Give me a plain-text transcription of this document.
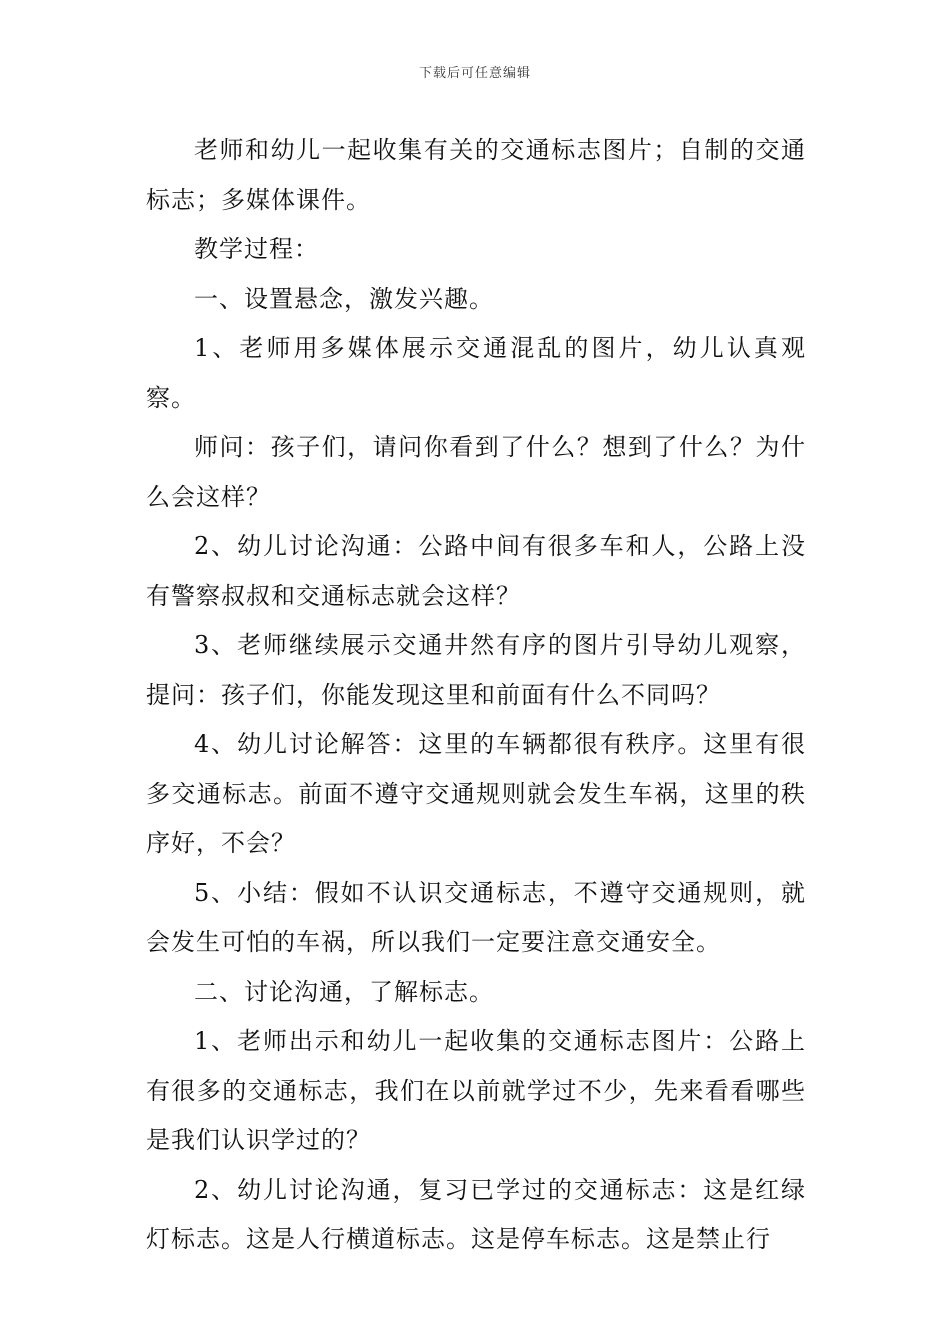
下载后可任意编辑

老师和幼儿一起收集有关的交通标志图片；自制的交通标志；多媒体课件。

教学过程：

一、设置悬念，激发兴趣。

1、老师用多媒体展示交通混乱的图片，幼儿认真观察。

师问：孩子们，请问你看到了什么？想到了什么？为什么会这样？

2、幼儿讨论沟通：公路中间有很多车和人，公路上没有警察叔叔和交通标志就会这样？

3、老师继续展示交通井然有序的图片引导幼儿观察，提问：孩子们，你能发现这里和前面有什么不同吗？

4、幼儿讨论解答：这里的车辆都很有秩序。这里有很多交通标志。前面不遵守交通规则就会发生车祸，这里的秩序好，不会？

5、小结：假如不认识交通标志，不遵守交通规则，就会发生可怕的车祸，所以我们一定要注意交通安全。

二、讨论沟通，了解标志。

1、老师出示和幼儿一起收集的交通标志图片：公路上有很多的交通标志，我们在以前就学过不少，先来看看哪些是我们认识学过的？

2、幼儿讨论沟通，复习已学过的交通标志：这是红绿灯标志。这是人行横道标志。这是停车标志。这是禁止行
